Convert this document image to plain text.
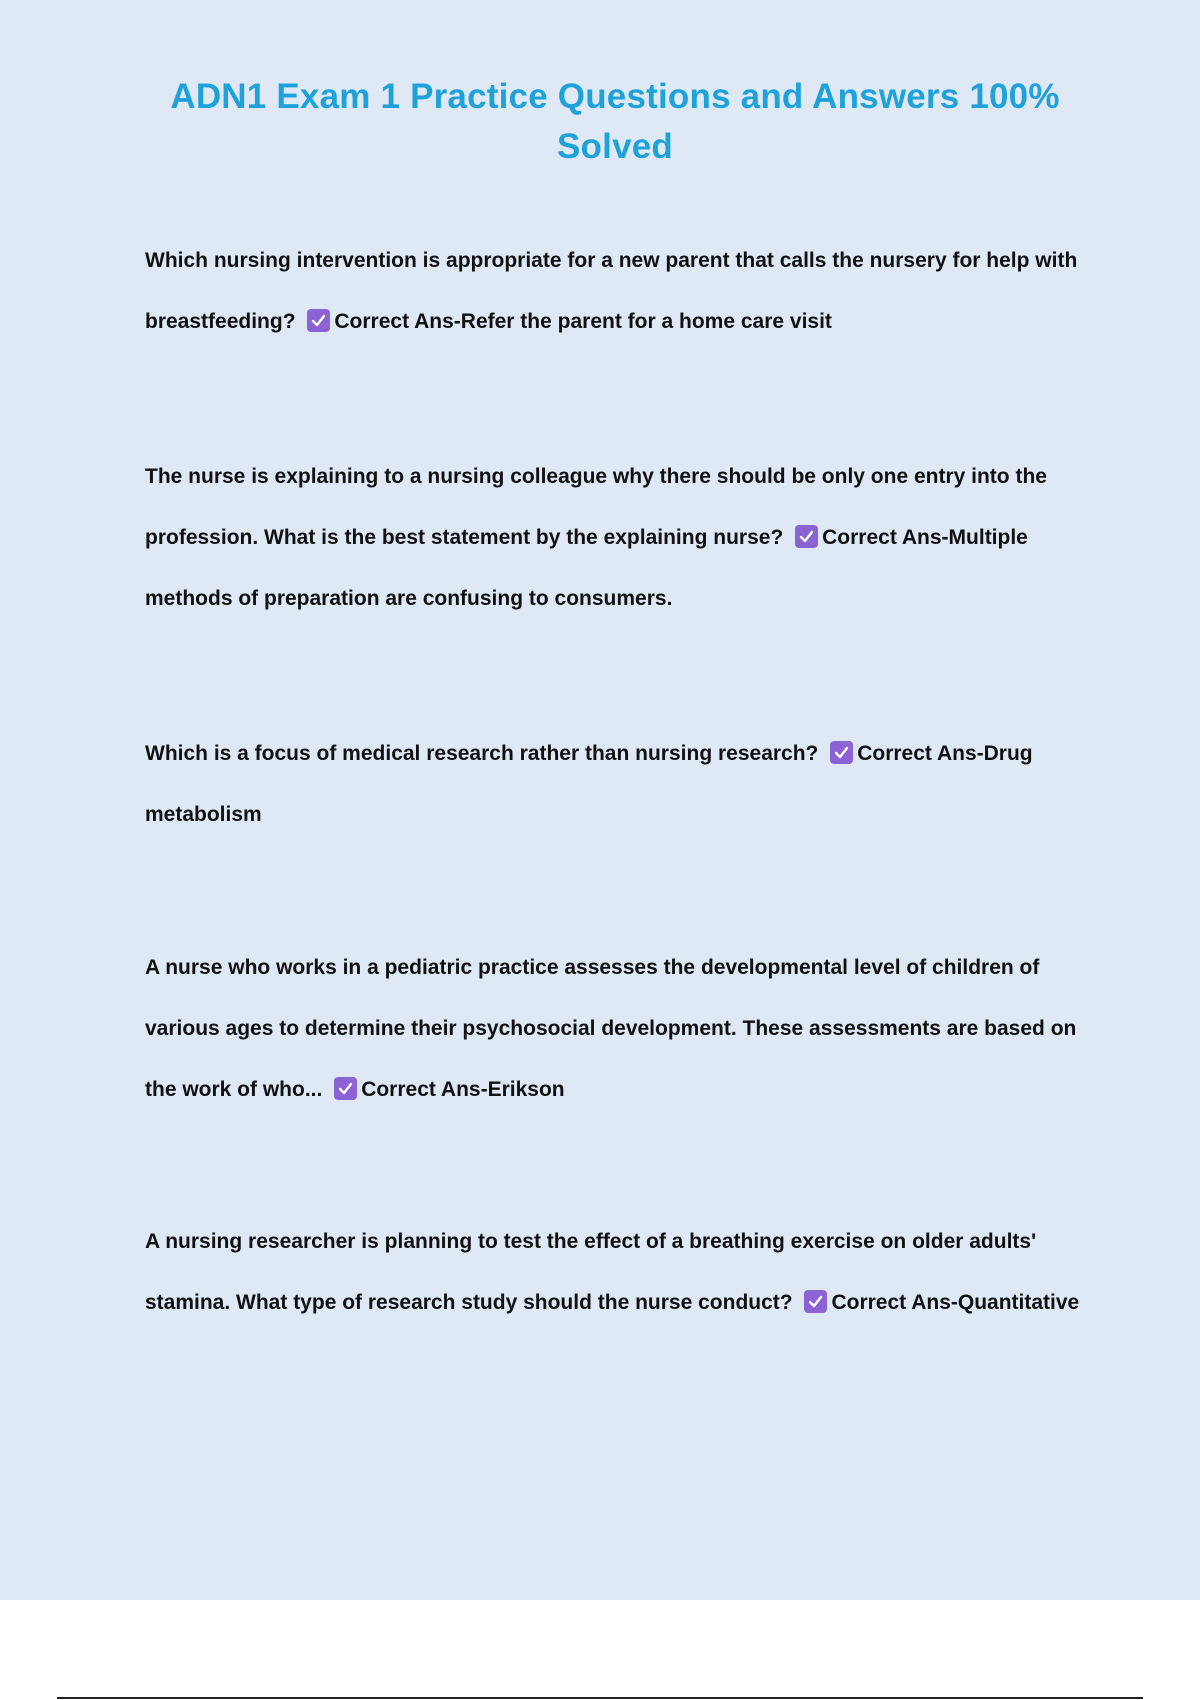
ADN1 Exam 1 Practice Questions and Answers 100% Solved

Which nursing intervention is appropriate for a new parent that calls the nursery for help with breastfeeding? Correct Ans-Refer the parent for a home care visit

The nurse is explaining to a nursing colleague why there should be only one entry into the profession. What is the best statement by the explaining nurse? Correct Ans-Multiple methods of preparation are confusing to consumers.

Which is a focus of medical research rather than nursing research? Correct Ans-Drug metabolism

A nurse who works in a pediatric practice assesses the developmental level of children of various ages to determine their psychosocial development. These assessments are based on the work of who... Correct Ans-Erikson

A nursing researcher is planning to test the effect of a breathing exercise on older adults' stamina. What type of research study should the nurse conduct? Correct Ans-Quantitative
